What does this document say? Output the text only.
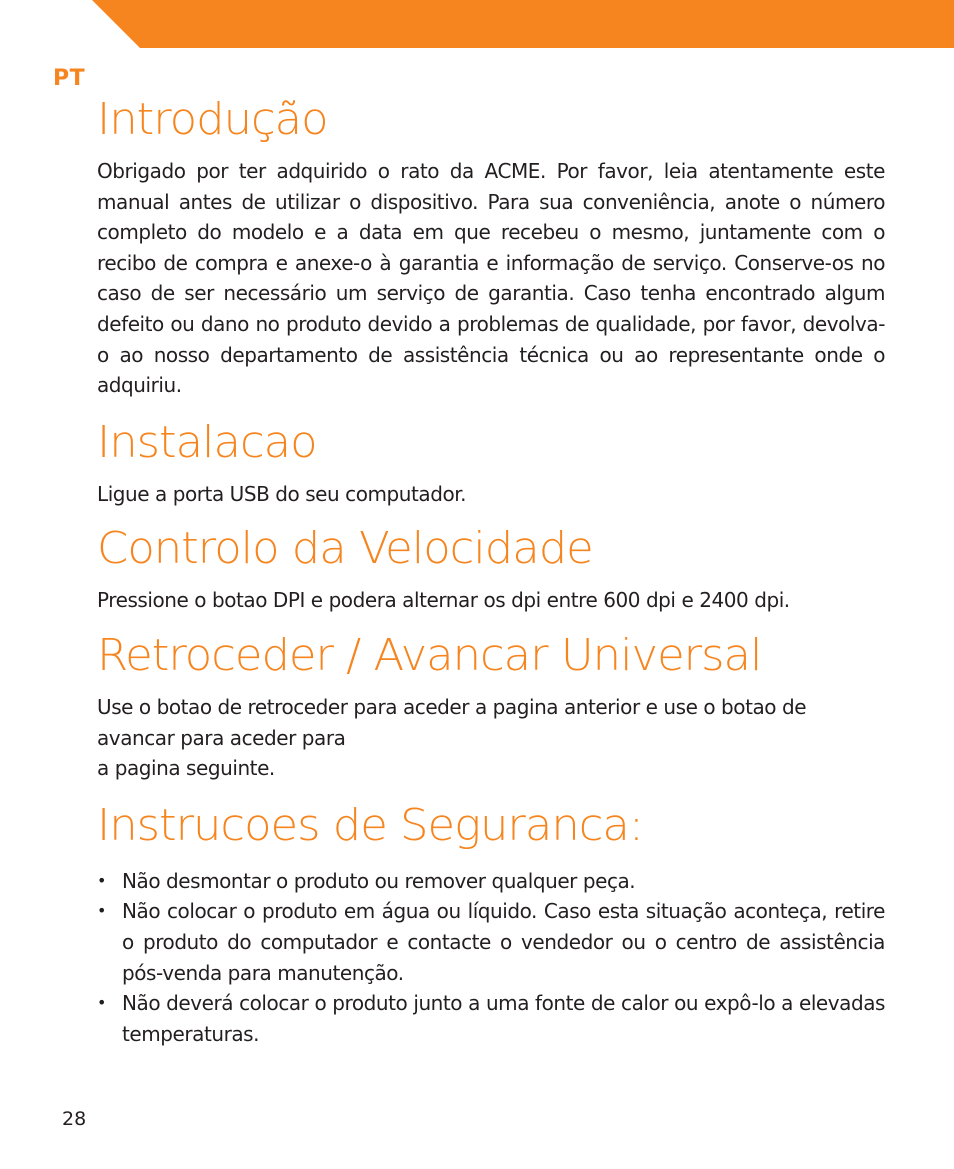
PT
Introdução

Obrigado por ter adquirido o rato da ACME. Por favor, leia atentamente este manual antes de utilizar o dispositivo. Para sua conveniência, anote o número completo do modelo e a data em que recebeu o mesmo, juntamente com o recibo de compra e anexe-o à garantia e informação de serviço. Conserve-os no caso de ser necessário um serviço de garantia. Caso tenha encontrado algum defeito ou dano no produto devido a problemas de qualidade, por favor, devolva-o ao nosso departamento de assistência técnica ou ao representante onde o adquiriu.

Instalacao

Ligue a porta USB do seu computador.

Controlo da Velocidade

Pressione o botao DPI e podera alternar os dpi entre 600 dpi e 2400 dpi.

Retroceder / Avancar Universal

Use o botao de retroceder para aceder a pagina anterior e use o botao de avancar para aceder para
a pagina seguinte.

Instrucoes de Seguranca:
• Não desmontar o produto ou remover qualquer peça.
• Não colocar o produto em água ou líquido. Caso esta situação aconteça, retire o produto do computador e contacte o vendedor ou o centro de assistência pós-venda para manutenção.
• Não deverá colocar o produto junto a uma fonte de calor ou expô-lo a elevadas temperaturas.
28
